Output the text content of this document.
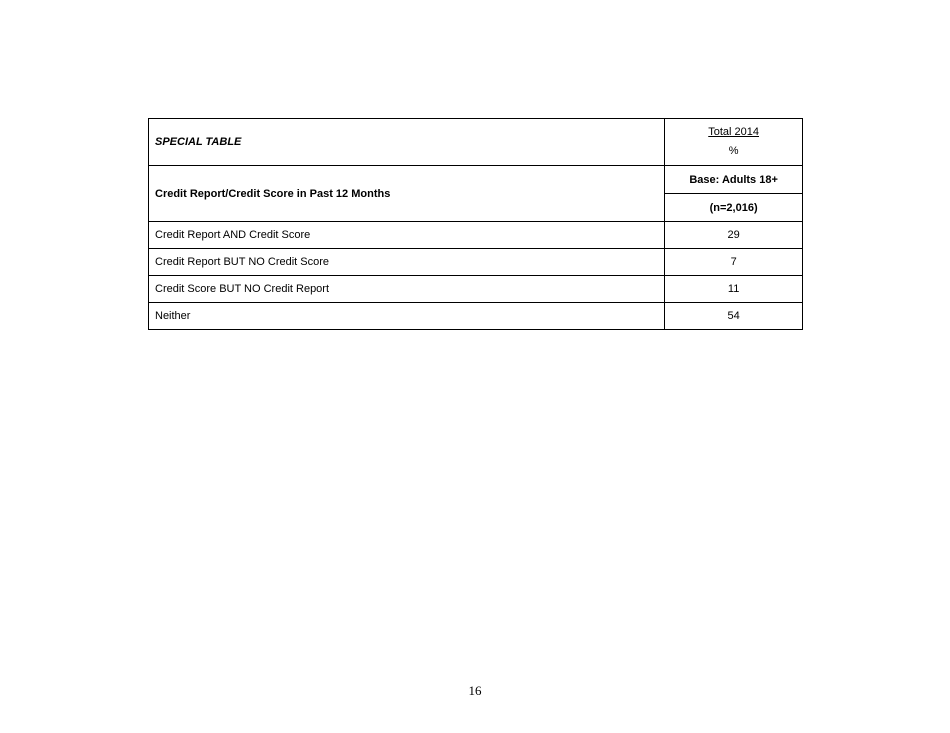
SPECIAL TABLE	Total 2014
%

Credit Report/Credit Score in Past 12 Months	Base: Adults 18+
	(n=2,016)
Credit Report AND Credit Score	29
Credit Report BUT NO Credit Score	7
Credit Score BUT NO Credit Report	11
Neither	54
16
